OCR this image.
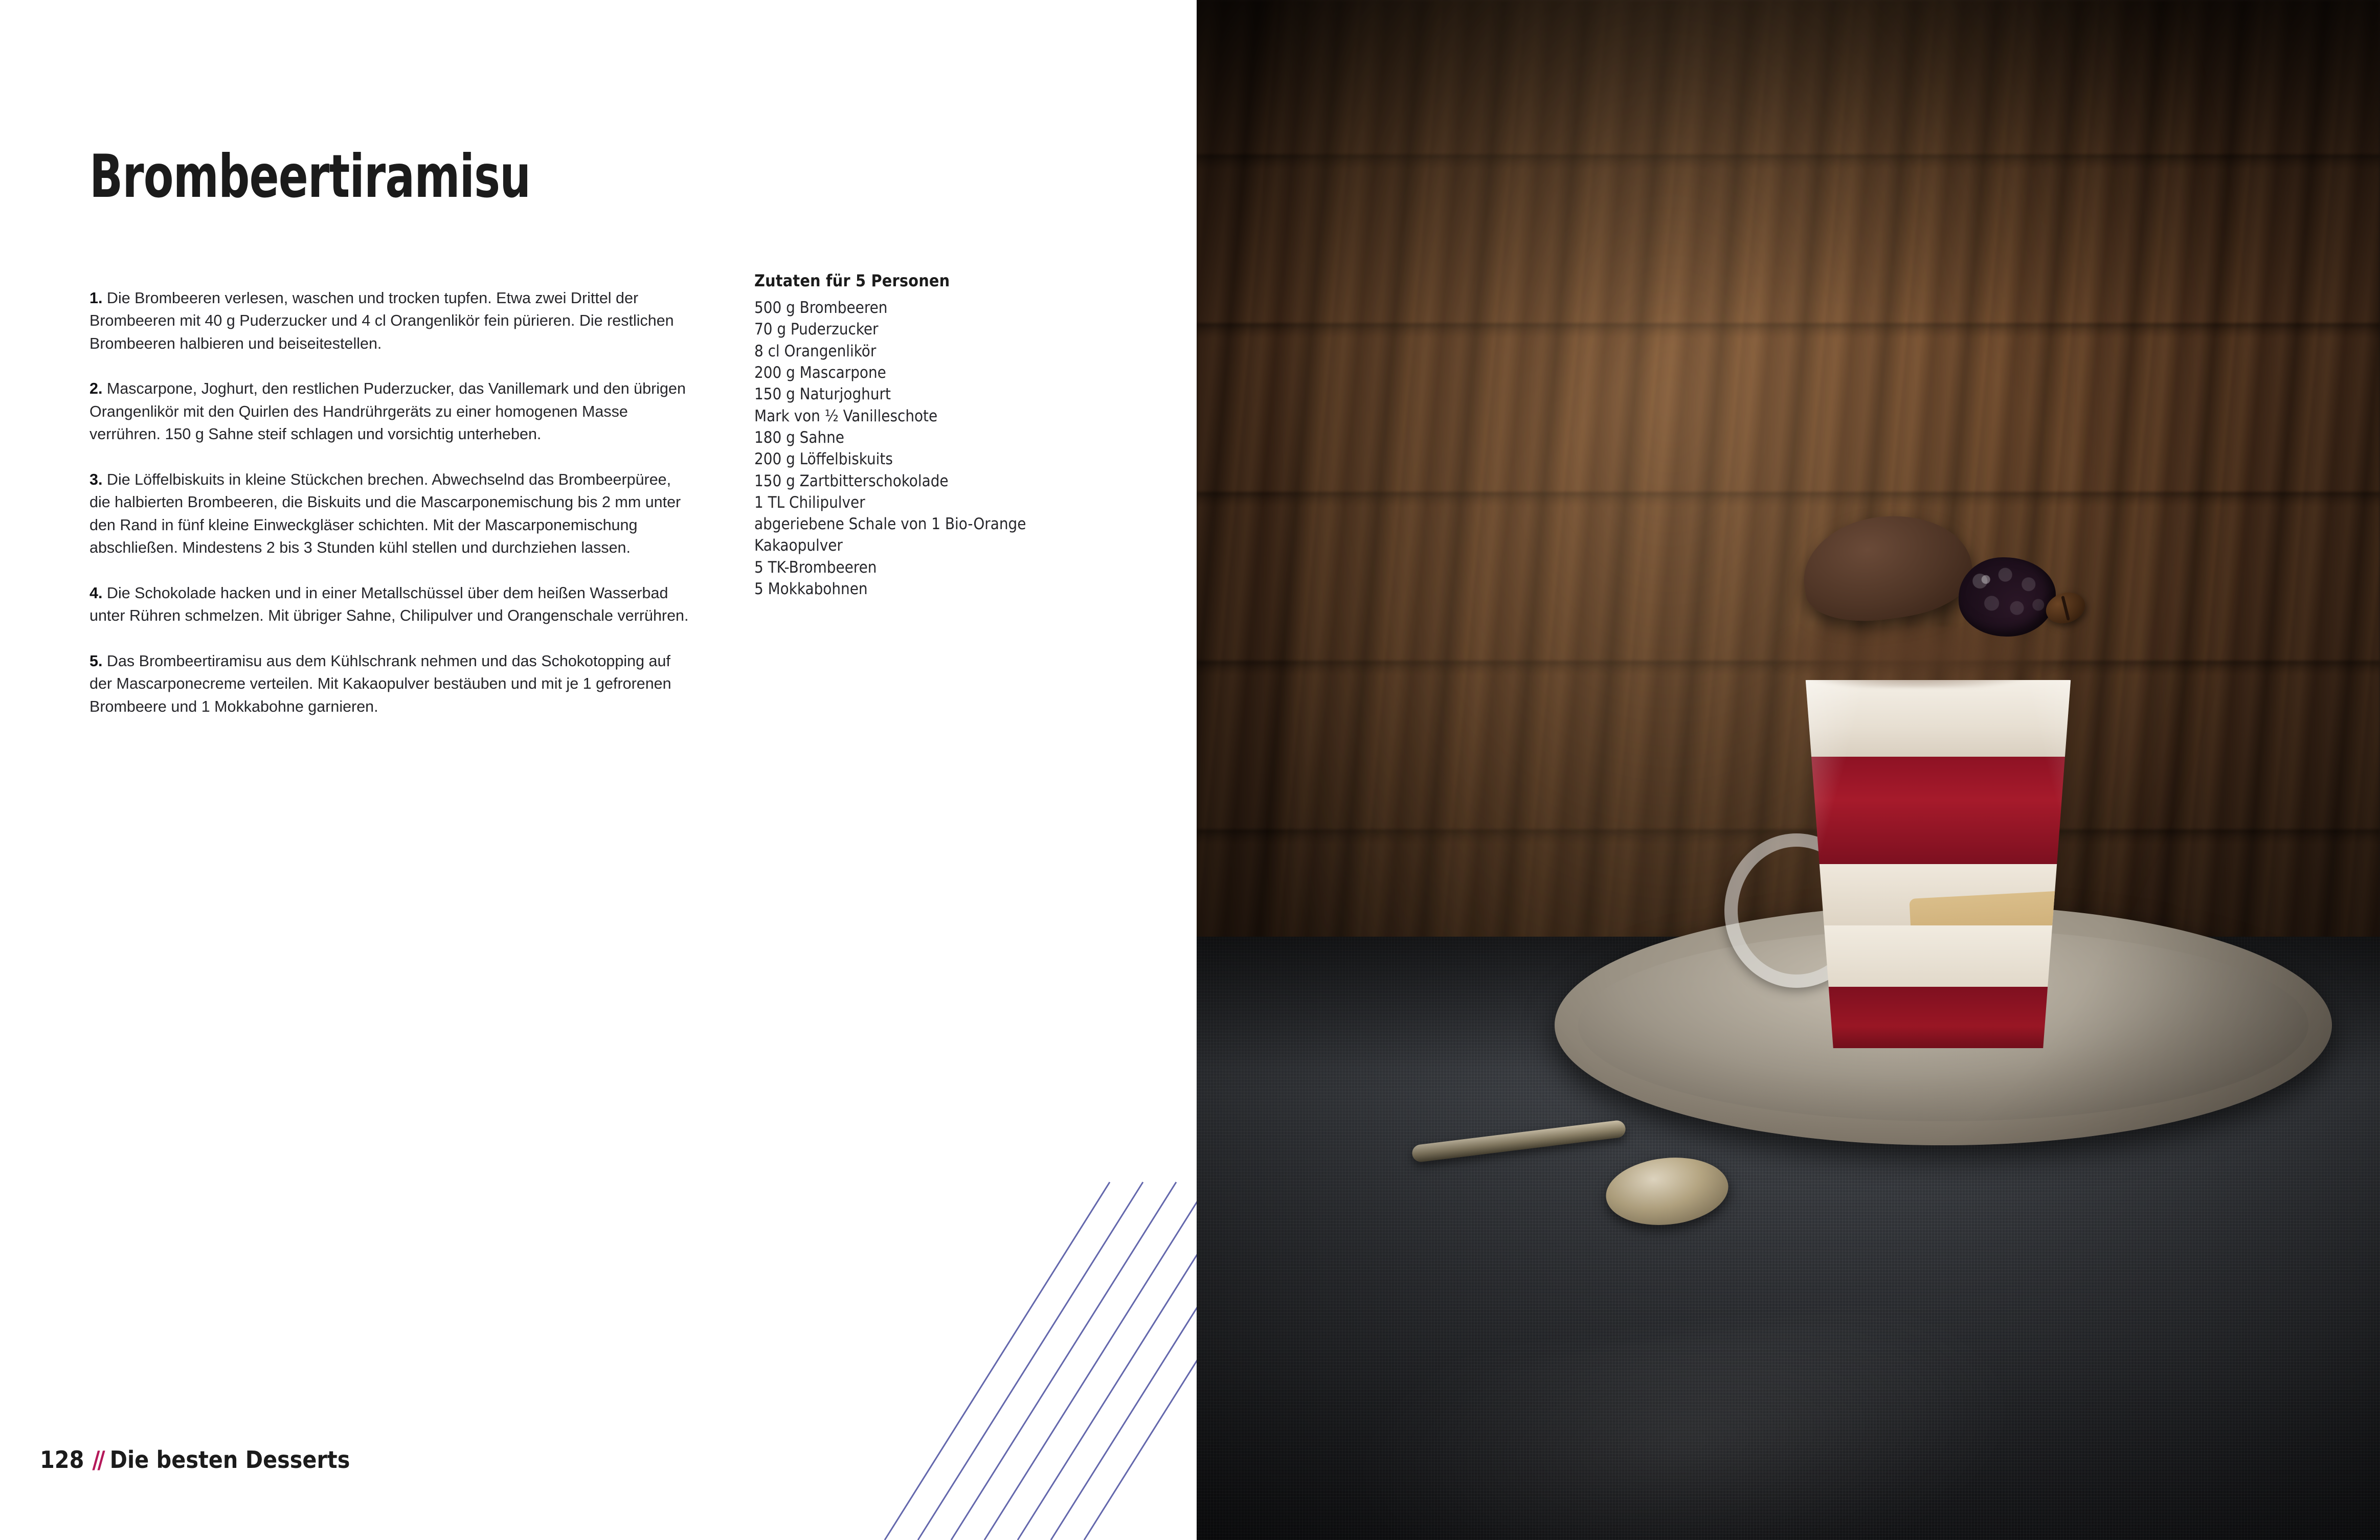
Brombeertiramisu

1. Die Brombeeren verlesen, waschen und trocken tupfen. Etwa zwei Drittel der Brombeeren mit 40 g Puderzucker und 4 cl Orangenlikör fein pürieren. Die restlichen Brombeeren halbieren und beiseitestellen.

2. Mascarpone, Joghurt, den restlichen Puderzucker, das Vanillemark und den übrigen Orangenlikör mit den Quirlen des Handrührgeräts zu einer homogenen Masse verrühren. 150 g Sahne steif schlagen und vorsichtig unterheben.

3. Die Löffelbiskuits in kleine Stückchen brechen. Abwechselnd das Brombeerpüree, die halbierten Brombeeren, die Biskuits und die Mascarponemischung bis 2 mm unter den Rand in fünf kleine Einweckgläser schichten. Mit der Mascarponemischung abschließen. Mindestens 2 bis 3 Stunden kühl stellen und durchziehen lassen.

4. Die Schokolade hacken und in einer Metallschüssel über dem heißen Wasserbad unter Rühren schmelzen. Mit übriger Sahne, Chilipulver und Orangenschale verrühren.

5. Das Brombeertiramisu aus dem Kühlschrank nehmen und das Schokotopping auf der Mascarponecreme verteilen. Mit Kakaopulver bestäuben und mit je 1 gefrorenen Brombeere und 1 Mokkabohne garnieren.

Zutaten für 5 Personen
500 g Brombeeren
70 g Puderzucker
8 cl Orangenlikör
200 g Mascarpone
150 g Naturjoghurt
Mark von ½ Vanilleschote
180 g Sahne
200 g Löffelbiskuits
150 g Zartbitterschokolade
1 TL Chilipulver
abgeriebene Schale von 1 Bio-Orange
Kakaopulver
5 TK-Brombeeren
5 Mokkabohnen
128 // Die besten Desserts
